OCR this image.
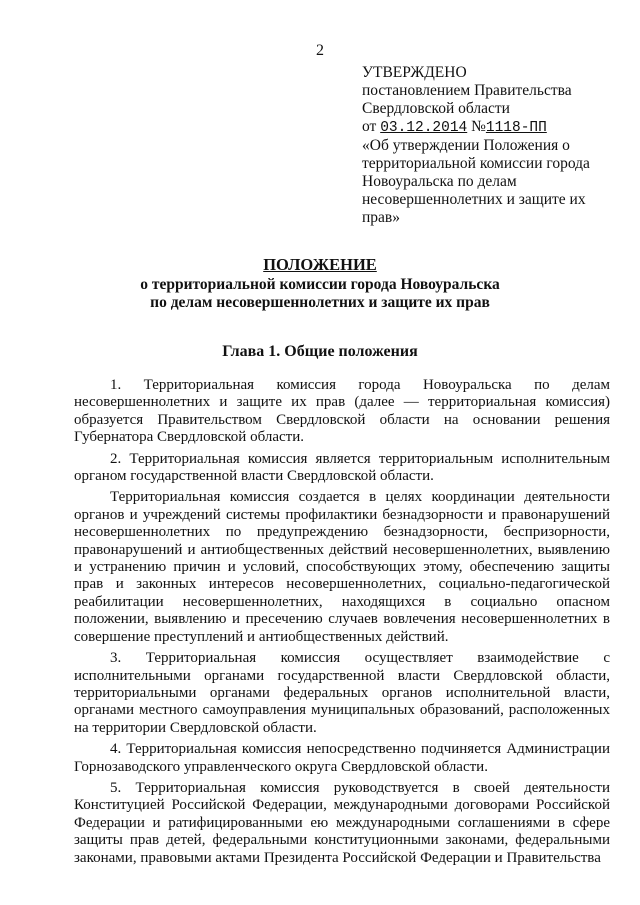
2
УТВЕРЖДЕНО
постановлением Правительства
Свердловской области
от 03.12.2014 №1118-ПП
«Об утверждении Положения о территориальной комиссии города Новоуральска по делам несовершеннолетних и защите их прав»
ПОЛОЖЕНИЕ
о территориальной комиссии города Новоуральска по делам несовершеннолетних и защите их прав
Глава 1. Общие положения

1. Территориальная комиссия города Новоуральска по делам несовершеннолетних и защите их прав (далее — территориальная комиссия) образуется Правительством Свердловской области на основании решения Губернатора Свердловской области.

2. Территориальная комиссия является территориальным исполнительным органом государственной власти Свердловской области.

Территориальная комиссия создается в целях координации деятельности органов и учреждений системы профилактики безнадзорности и правонарушений несовершеннолетних по предупреждению безнадзорности, беспризорности, правонарушений и антиобщественных действий несовершеннолетних, выявлению и устранению причин и условий, способствующих этому, обеспечению защиты прав и законных интересов несовершеннолетних, социально-педагогической реабилитации несовершеннолетних, находящихся в социально опасном положении, выявлению и пресечению случаев вовлечения несовершеннолетних в совершение преступлений и антиобщественных действий.

3. Территориальная комиссия осуществляет взаимодействие с исполнительными органами государственной власти Свердловской области, территориальными органами федеральных органов исполнительной власти, органами местного самоуправления муниципальных образований, расположенных на территории Свердловской области.

4. Территориальная комиссия непосредственно подчиняется Администрации Горнозаводского управленческого округа Свердловской области.

5. Территориальная комиссия руководствуется в своей деятельности Конституцией Российской Федерации, международными договорами Российской Федерации и ратифицированными ею международными соглашениями в сфере защиты прав детей, федеральными конституционными законами, федеральными законами, правовыми актами Президента Российской Федерации и Правительства
